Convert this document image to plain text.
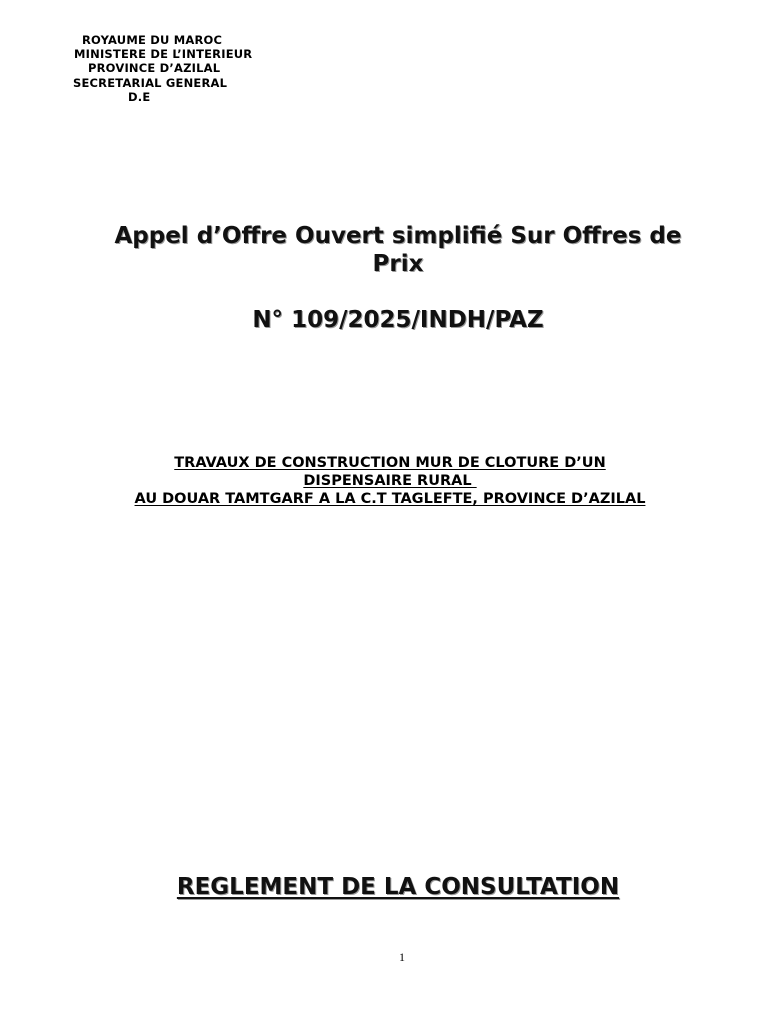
ROYAUME DU MAROC
MINISTERE DE L’INTERIEUR
PROVINCE D’AZILAL
SECRETARIAL GENERAL
D.E
Appel d’Offre Ouvert simplifié Sur Offres de
Prix
N° 109/2025/INDH/PAZ
TRAVAUX DE CONSTRUCTION MUR DE CLOTURE D’UN
DISPENSAIRE RURAL
AU DOUAR TAMTGARF A LA C.T TAGLEFTE, PROVINCE D’AZILAL
REGLEMENT DE LA CONSULTATION
1
